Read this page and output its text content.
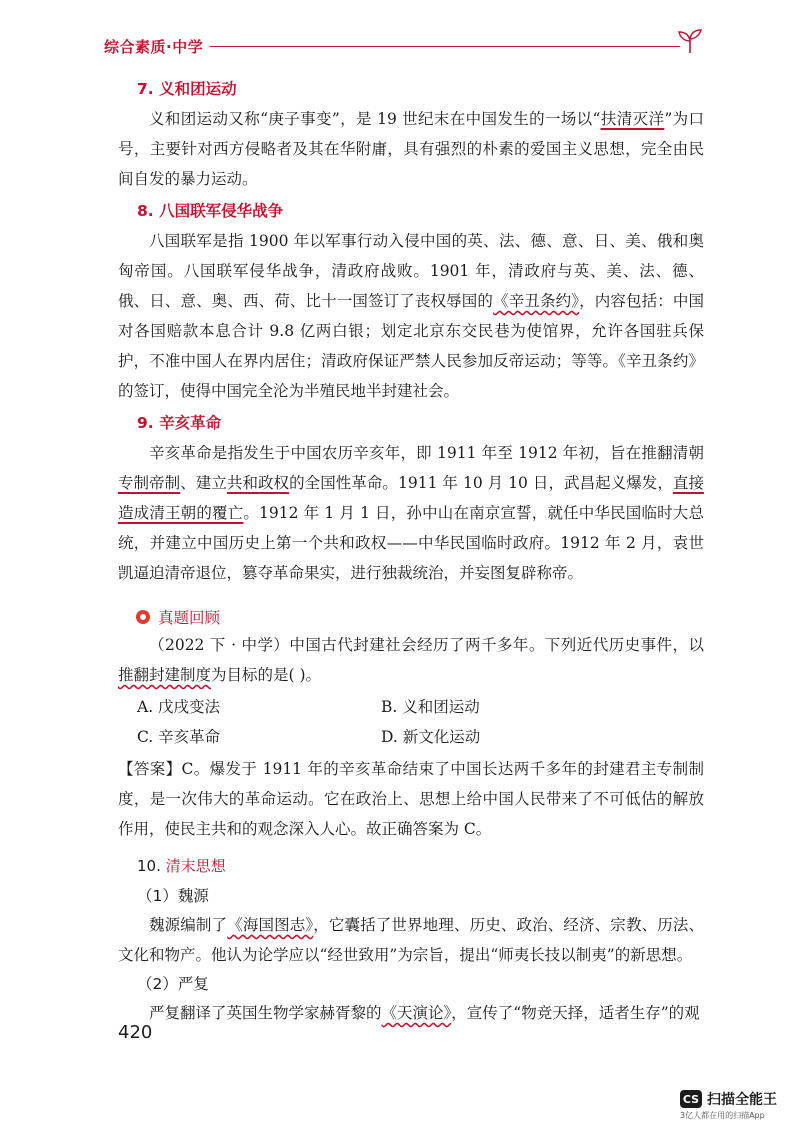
综合素质·中学
7. 义和团运动

义和团运动又称“庚子事变”，是 19 世纪末在中国发生的一场以“扶清灭洋”为口号，主要针对西方侵略者及其在华附庸，具有强烈的朴素的爱国主义思想，完全由民间自发的暴力运动。

8. 八国联军侵华战争

八国联军是指 1900 年以军事行动入侵中国的英、法、德、意、日、美、俄和奥匈帝国。八国联军侵华战争，清政府战败。1901 年，清政府与英、美、法、德、俄、日、意、奥、西、荷、比十一国签订了丧权辱国的《辛丑条约》，内容包括：中国对各国赔款本息合计 9.8 亿两白银；划定北京东交民巷为使馆界，允许各国驻兵保护，不准中国人在界内居住；清政府保证严禁人民参加反帝运动；等等。《辛丑条约》的签订，使得中国完全沦为半殖民地半封建社会。

9. 辛亥革命

辛亥革命是指发生于中国农历辛亥年，即 1911 年至 1912 年初，旨在推翻清朝专制帝制、建立共和政权的全国性革命。1911 年 10 月 10 日，武昌起义爆发，直接造成清王朝的覆亡。1912 年 1 月 1 日，孙中山在南京宣誓，就任中华民国临时大总统，并建立中国历史上第一个共和政权——中华民国临时政府。1912 年 2 月，袁世凯逼迫清帝退位，篡夺革命果实，进行独裁统治，并妄图复辟称帝。

真题回顾

（2022 下 · 中学）中国古代封建社会经历了两千多年。下列近代历史事件，以推翻封建制度为目标的是( )。

A. 戊戌变法	B. 义和团运动
C. 辛亥革命	D. 新文化运动

【答案】C。爆发于 1911 年的辛亥革命结束了中国长达两千多年的封建君主专制制度，是一次伟大的革命运动。它在政治上、思想上给中国人民带来了不可低估的解放作用，使民主共和的观念深入人心。故正确答案为 C。

10. 清末思想
（1）魏源

魏源编制了《海国图志》，它囊括了世界地理、历史、政治、经济、宗教、历法、文化和物产。他认为论学应以“经世致用”为宗旨，提出“师夷长技以制夷”的新思想。

（2）严复

严复翻译了英国生物学家赫胥黎的《天演论》，宣传了“物竞天择，适者生存”的观

420
CS 扫描全能王
3亿人都在用的扫描App
